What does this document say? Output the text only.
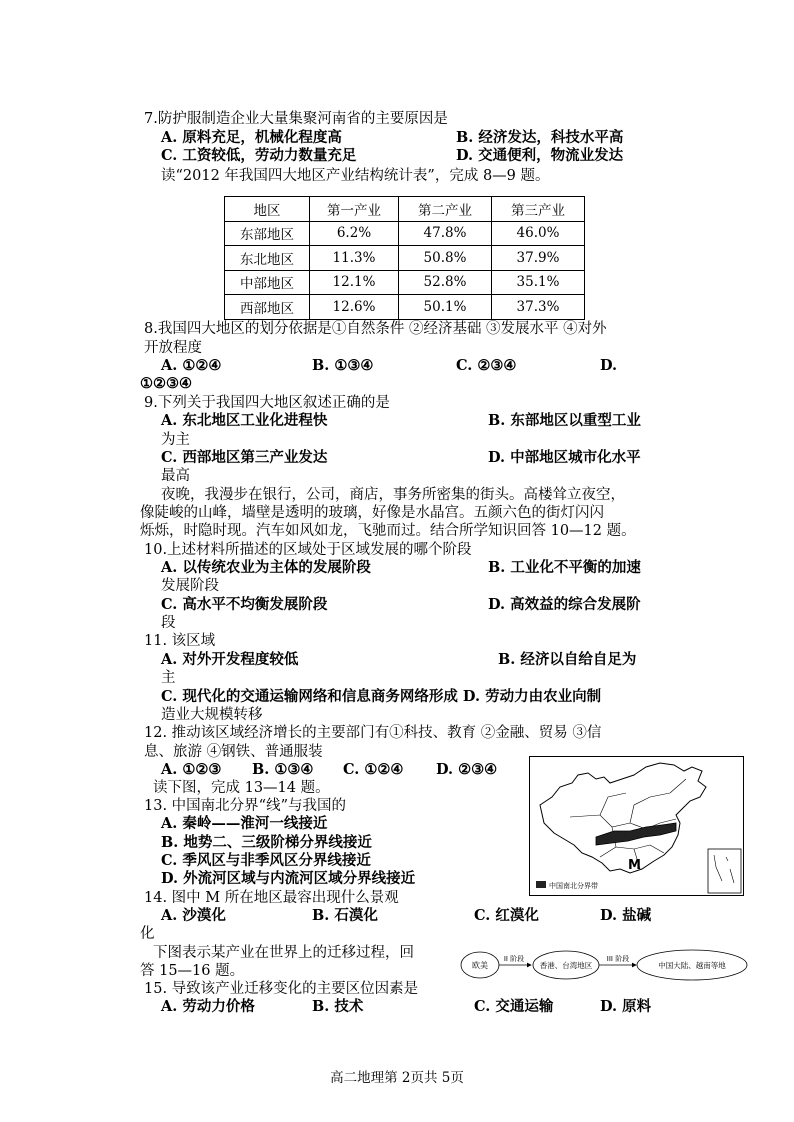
7.防护服制造企业大量集聚河南省的主要原因是
A. 原料充足，机械化程度高	B. 经济发达，科技水平高
C. 工资较低，劳动力数量充足	D. 交通便利，物流业发达
读“2012 年我国四大地区产业结构统计表”，完成 8—9 题。
地区	第一产业	第二产业	第三产业
东部地区	6.2%	47.8%	46.0%
东北地区	11.3%	50.8%	37.9%
中部地区	12.1%	52.8%	35.1%
西部地区	12.6%	50.1%	37.3%
8.我国四大地区的划分依据是①自然条件 ②经济基础 ③发展水平 ④对外
开放程度
A. ①②④	B. ①③④	C. ②③④	D.
①②③④
9.下列关于我国四大地区叙述正确的是
A. 东北地区工业化进程快	B. 东部地区以重型工业
为主
C. 西部地区第三产业发达	D. 中部地区城市化水平
最高
夜晚，我漫步在银行，公司，商店，事务所密集的街头。高楼耸立夜空，
像陡峻的山峰，墙壁是透明的玻璃，好像是水晶宫。五颜六色的街灯闪闪
烁烁，时隐时现。汽车如风如龙，飞驰而过。结合所学知识回答 10—12 题。
10.上述材料所描述的区域处于区域发展的哪个阶段
A. 以传统农业为主体的发展阶段	B. 工业化不平衡的加速
发展阶段
C. 高水平不均衡发展阶段	D. 高效益的综合发展阶
段
11. 该区域
A. 对外开发程度较低	B. 经济以自给自足为
主
C. 现代化的交通运输网络和信息商务网络形成 D. 劳动力由农业向制
造业大规模转移
12. 推动该区域经济增长的主要部门有①科技、教育 ②金融、贸易 ③信
息、旅游 ④钢铁、普通服装
A. ①②③ B. ①③④ C. ①②④ D. ②③④
读下图，完成 13—14 题。
M
中国南北分界带
13. 中国南北分界“线”与我国的
A. 秦岭——淮河一线接近
B. 地势二、三级阶梯分界线接近
C. 季风区与非季风区分界线接近
D. 外流河区域与内流河区域分界线接近
14. 图中 M 所在地区最容出现什么景观
A. 沙漠化	B. 石漠化	C. 红漠化	D. 盐碱
化
下图表示某产业在世界上的迁移过程，回
答 15—16 题。	欧美
II 阶段
香港、台湾地区
III 阶段
中国大陆、越南等地
15. 导致该产业迁移变化的主要区位因素是
A. 劳动力价格	B. 技术	C. 交通运输	D. 原料
高二地理第 2页共 5页
